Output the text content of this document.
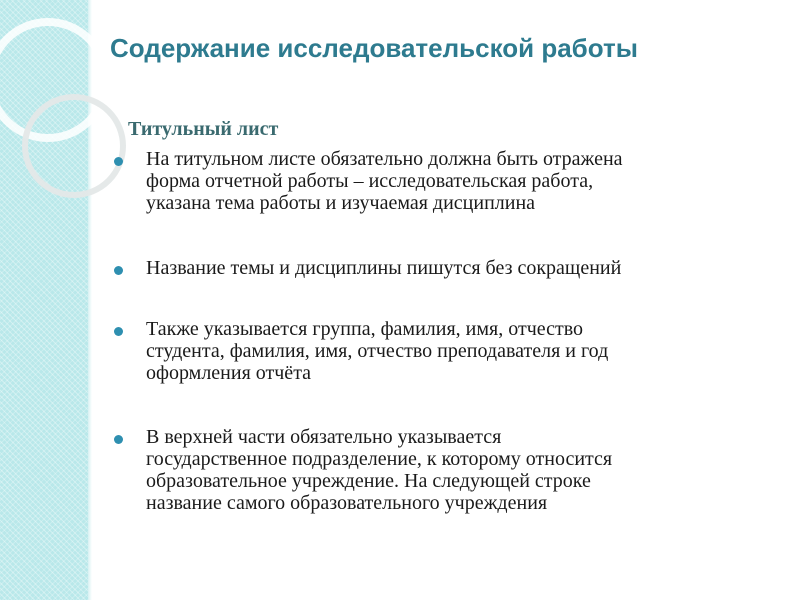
Содержание исследовательской работы
Титульный лист

На титульном листе обязательно должна быть отражена
форма отчетной работы – исследовательская работа,
указана тема работы и изучаемая дисциплина

Название темы и дисциплины пишутся без сокращений

Также указывается группа, фамилия, имя, отчество
студента, фамилия, имя, отчество преподавателя и год
оформления отчёта

В верхней части обязательно указывается
государственное подразделение, к которому относится
образовательное учреждение. На следующей строке
название самого образовательного учреждения
